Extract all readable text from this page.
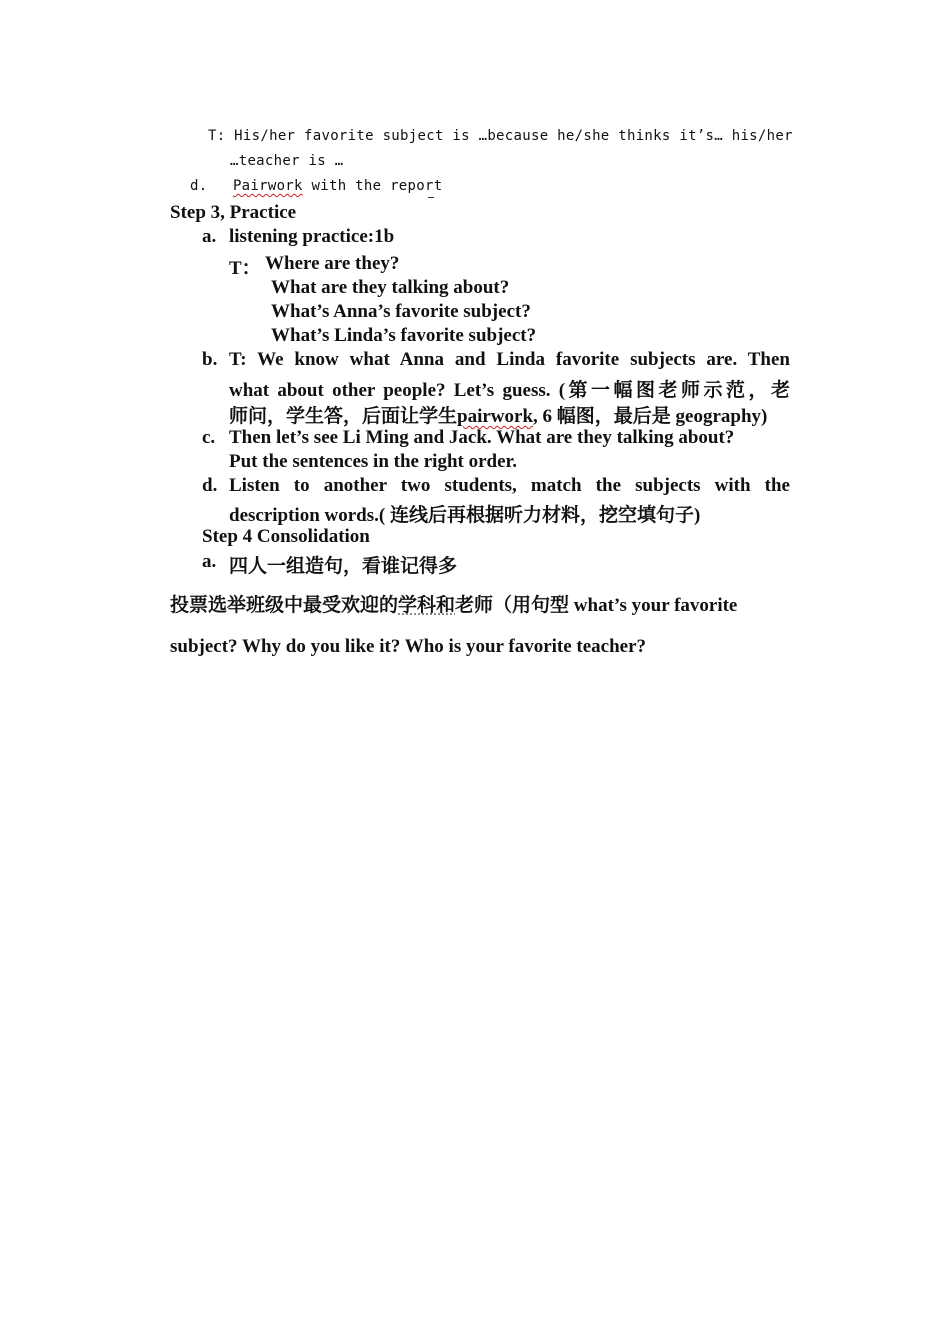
T: His/her favorite subject is …because he/she thinks it’s… his/her
…teacher is …
d. Pairwork with the report
Step 3, Practice
a. listening practice:1b
T： Where are they?
What are they talking about?
What’s Anna’s favorite subject?
What’s Linda’s favorite subject?
b. T: We know what Anna and Linda favorite subjects are. Then
what about other people? Let’s guess. (第一幅图老师示范，老
师问，学生答，后面让学生pairwork, 6 幅图，最后是 geography)
c. Then let’s see Li Ming and Jack. What are they talking about?
Put the sentences in the right order.
d. Listen to another two students, match the subjects with the
description words.( 连线后再根据听力材料，挖空填句子)
Step 4 Consolidation
a. 四人一组造句，看谁记得多
投票选举班级中最受欢迎的学科和老师（用句型 what’s your favorite
subject? Why do you like it? Who is your favorite teacher?
